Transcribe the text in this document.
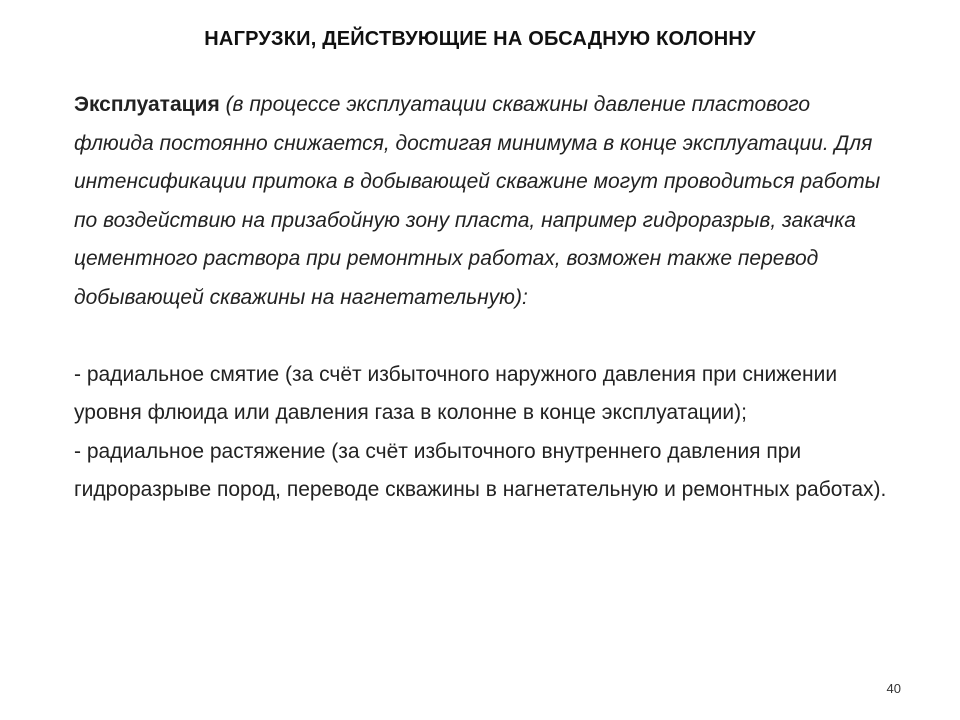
НАГРУЗКИ, ДЕЙСТВУЮЩИЕ НА ОБСАДНУЮ КОЛОННУ

Эксплуатация (в процессе эксплуатации скважины давление пластового флюида постоянно снижается, достигая минимума в конце эксплуатации. Для интенсификации притока в добывающей скважине могут проводиться работы по воздействию на призабойную зону пласта, например гидроразрыв, закачка цементного раствора при ремонтных работах, возможен также перевод добывающей скважины на нагнетательную):

- радиальное смятие (за счёт избыточного наружного давления при снижении уровня флюида или давления газа в колонне в конце эксплуатации);

- радиальное растяжение (за счёт избыточного внутреннего давления при гидроразрыве пород, переводе скважины в нагнетательную и ремонтных работах).

40
